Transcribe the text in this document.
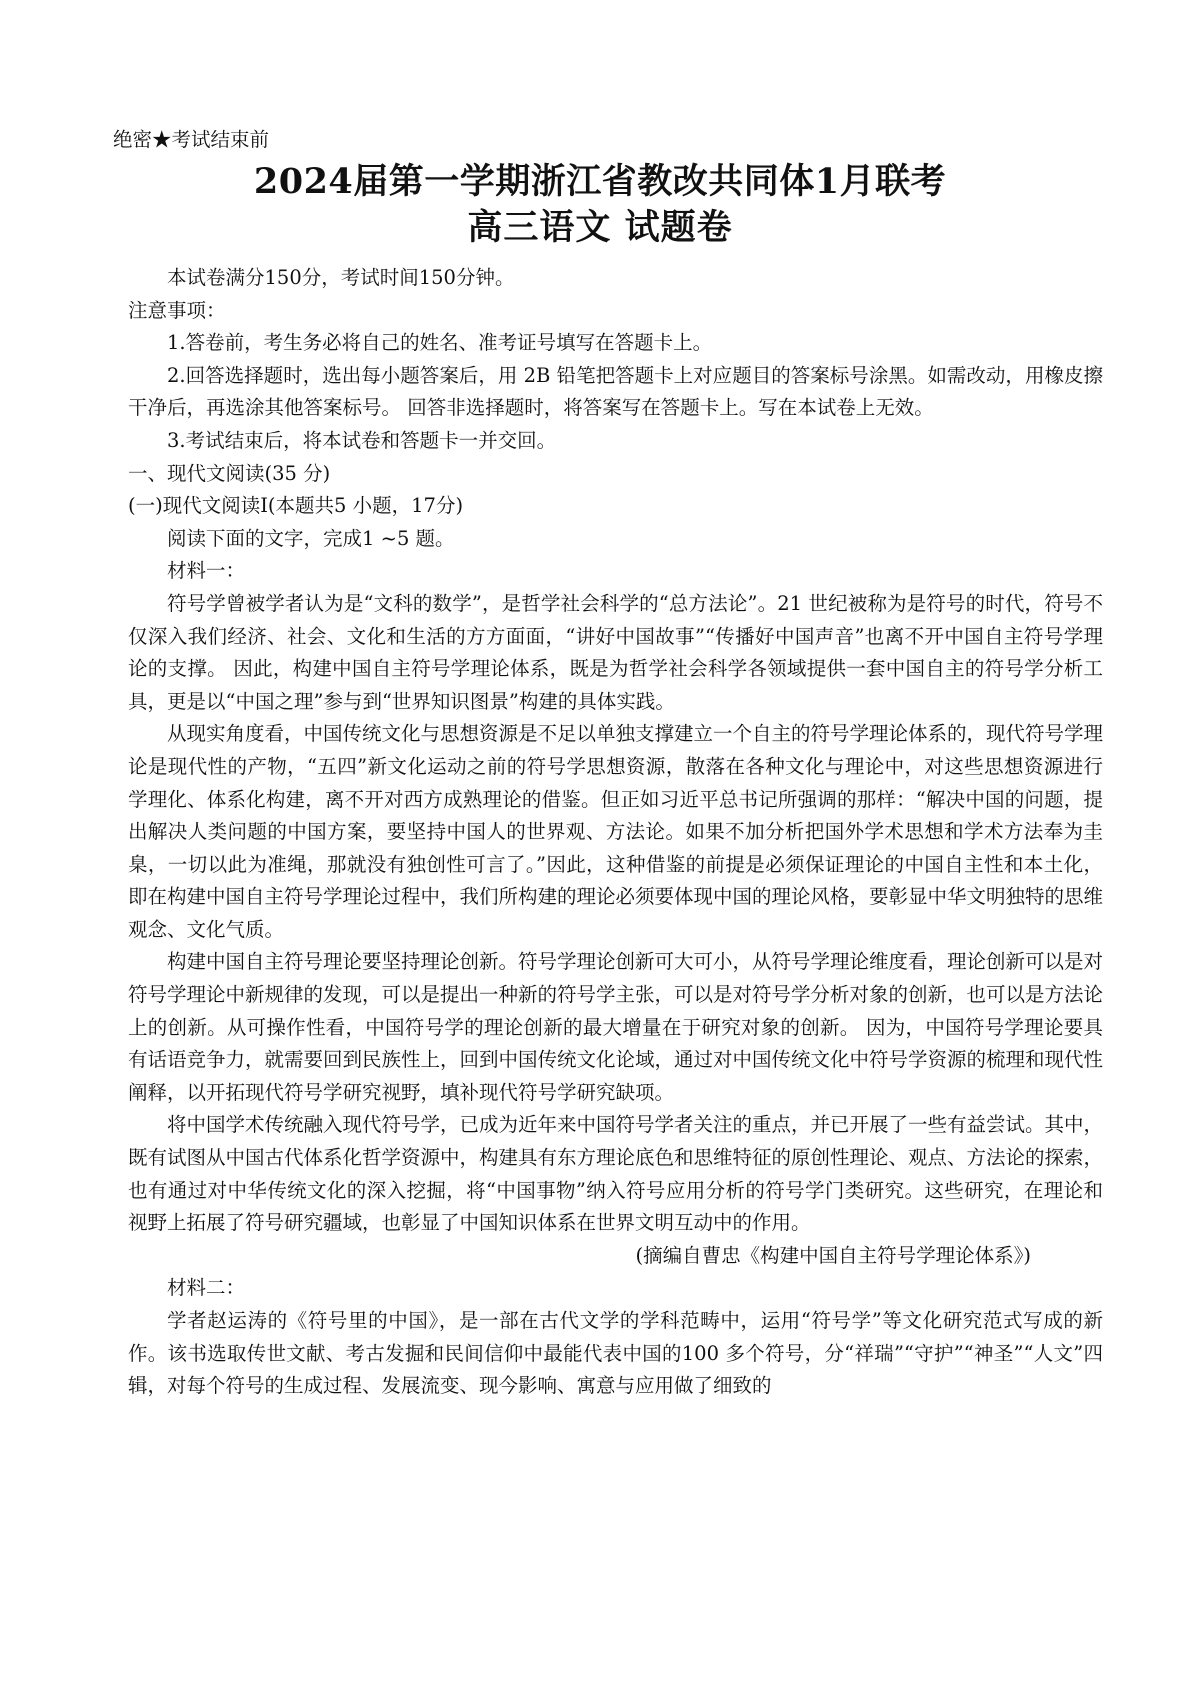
绝密★考试结束前
2024届第一学期浙江省教改共同体1月联考
高三语文 试题卷

本试卷满分150分，考试时间150分钟。

注意事项：

1.答卷前，考生务必将自己的姓名、准考证号填写在答题卡上。

2.回答选择题时，选出每小题答案后，用 2B 铅笔把答题卡上对应题目的答案标号涂黑。如需改动，用橡皮擦干净后，再选涂其他答案标号。 回答非选择题时，将答案写在答题卡上。写在本试卷上无效。

3.考试结束后，将本试卷和答题卡一并交回。

一、现代文阅读(35 分)

(一)现代文阅读Ⅰ(本题共5 小题，17分)

阅读下面的文字，完成1 ~5 题。

材料一：

符号学曾被学者认为是“文科的数学”，是哲学社会科学的“总方法论”。21 世纪被称为是符号的时代，符号不仅深入我们经济、社会、文化和生活的方方面面，“讲好中国故事”“传播好中国声音”也离不开中国自主符号学理论的支撑。 因此，构建中国自主符号学理论体系，既是为哲学社会科学各领域提供一套中国自主的符号学分析工具，更是以“中国之理”参与到“世界知识图景”构建的具体实践。

从现实角度看，中国传统文化与思想资源是不足以单独支撑建立一个自主的符号学理论体系的，现代符号学理论是现代性的产物，“五四”新文化运动之前的符号学思想资源，散落在各种文化与理论中，对这些思想资源进行学理化、体系化构建，离不开对西方成熟理论的借鉴。但正如习近平总书记所强调的那样：“解决中国的问题，提出解决人类问题的中国方案，要坚持中国人的世界观、方法论。如果不加分析把国外学术思想和学术方法奉为圭臬，一切以此为准绳，那就没有独创性可言了。”因此，这种借鉴的前提是必须保证理论的中国自主性和本土化，即在构建中国自主符号学理论过程中，我们所构建的理论必须要体现中国的理论风格，要彰显中华文明独特的思维观念、文化气质。

构建中国自主符号理论要坚持理论创新。符号学理论创新可大可小，从符号学理论维度看，理论创新可以是对符号学理论中新规律的发现，可以是提出一种新的符号学主张，可以是对符号学分析对象的创新，也可以是方法论上的创新。从可操作性看，中国符号学的理论创新的最大增量在于研究对象的创新。 因为，中国符号学理论要具有话语竞争力，就需要回到民族性上，回到中国传统文化论域，通过对中国传统文化中符号学资源的梳理和现代性阐释，以开拓现代符号学研究视野，填补现代符号学研究缺项。

将中国学术传统融入现代符号学，已成为近年来中国符号学者关注的重点，并已开展了一些有益尝试。其中，既有试图从中国古代体系化哲学资源中，构建具有东方理论底色和思维特征的原创性理论、观点、方法论的探索，也有通过对中华传统文化的深入挖掘，将“中国事物”纳入符号应用分析的符号学门类研究。这些研究，在理论和视野上拓展了符号研究疆域，也彰显了中国知识体系在世界文明互动中的作用。

(摘编自曹忠《构建中国自主符号学理论体系》)

材料二：

学者赵运涛的《符号里的中国》，是一部在古代文学的学科范畴中，运用“符号学”等文化研究范式写成的新作。该书选取传世文献、考古发掘和民间信仰中最能代表中国的100 多个符号，分“祥瑞”“守护”“神圣”“人文”四辑，对每个符号的生成过程、发展流变、现今影响、寓意与应用做了细致的
